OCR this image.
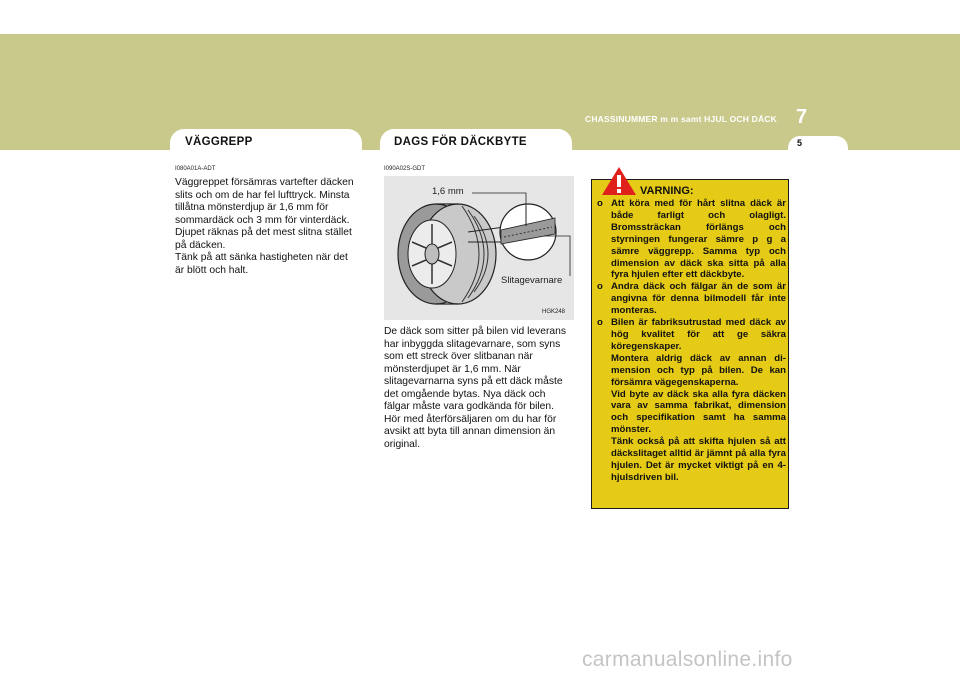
CHASSINUMMER m m samt HJUL OCH DÄCK 7
5
VÄGGREPP
I080A01A-ADT
Väggreppet försämras vartefter däcken
slits och om de har fel lufttryck. Minsta
tillåtna mönsterdjup är 1,6 mm för
sommardäck och 3 mm för vinterdäck.
Djupet räknas på det mest slitna stället
på däcken.
Tänk på att sänka hastigheten när det
är blött och halt.
DAGS FÖR DÄCKBYTE
I090A02S-GDT
1,6 mm
Slitagevarnare
HGK248
De däck som sitter på bilen vid leverans
har inbyggda slitagevarnare, som syns
som ett streck över slitbanan när
mönsterdjupet är 1,6 mm. När
slitagevarnarna syns på ett däck måste
det omgående bytas. Nya däck och
fälgar måste vara godkända för bilen.
Hör med återförsäljaren om du har för
avsikt att byta till annan dimension än
original.
VARNING:
o Att köra med för hårt slitna däck är både farligt och olagligt. Bromssträckan förlängs och styrningen fungerar sämre p g a sämre väggrepp. Samma typ och dimension av däck ska sitta på alla fyra hjulen efter ett däckbyte.
o Andra däck och fälgar än de som är angivna för denna bilmodell får inte monteras.
o Bilen är fabriksutrustad med däck av hög kvalitet för att ge säkra köregenskaper.
Montera aldrig däck av annan di-mension och typ på bilen. De kan försämra vägegenskaperna.
Vid byte av däck ska alla fyra däcken vara av samma fabrikat, dimension och specifikation samt ha samma mönster.
Tänk också på att skifta hjulen så att däckslitaget alltid är jämnt på alla fyra hjulen. Det är mycket viktigt på en 4-hjulsdriven bil.
carmanualsonline.info
